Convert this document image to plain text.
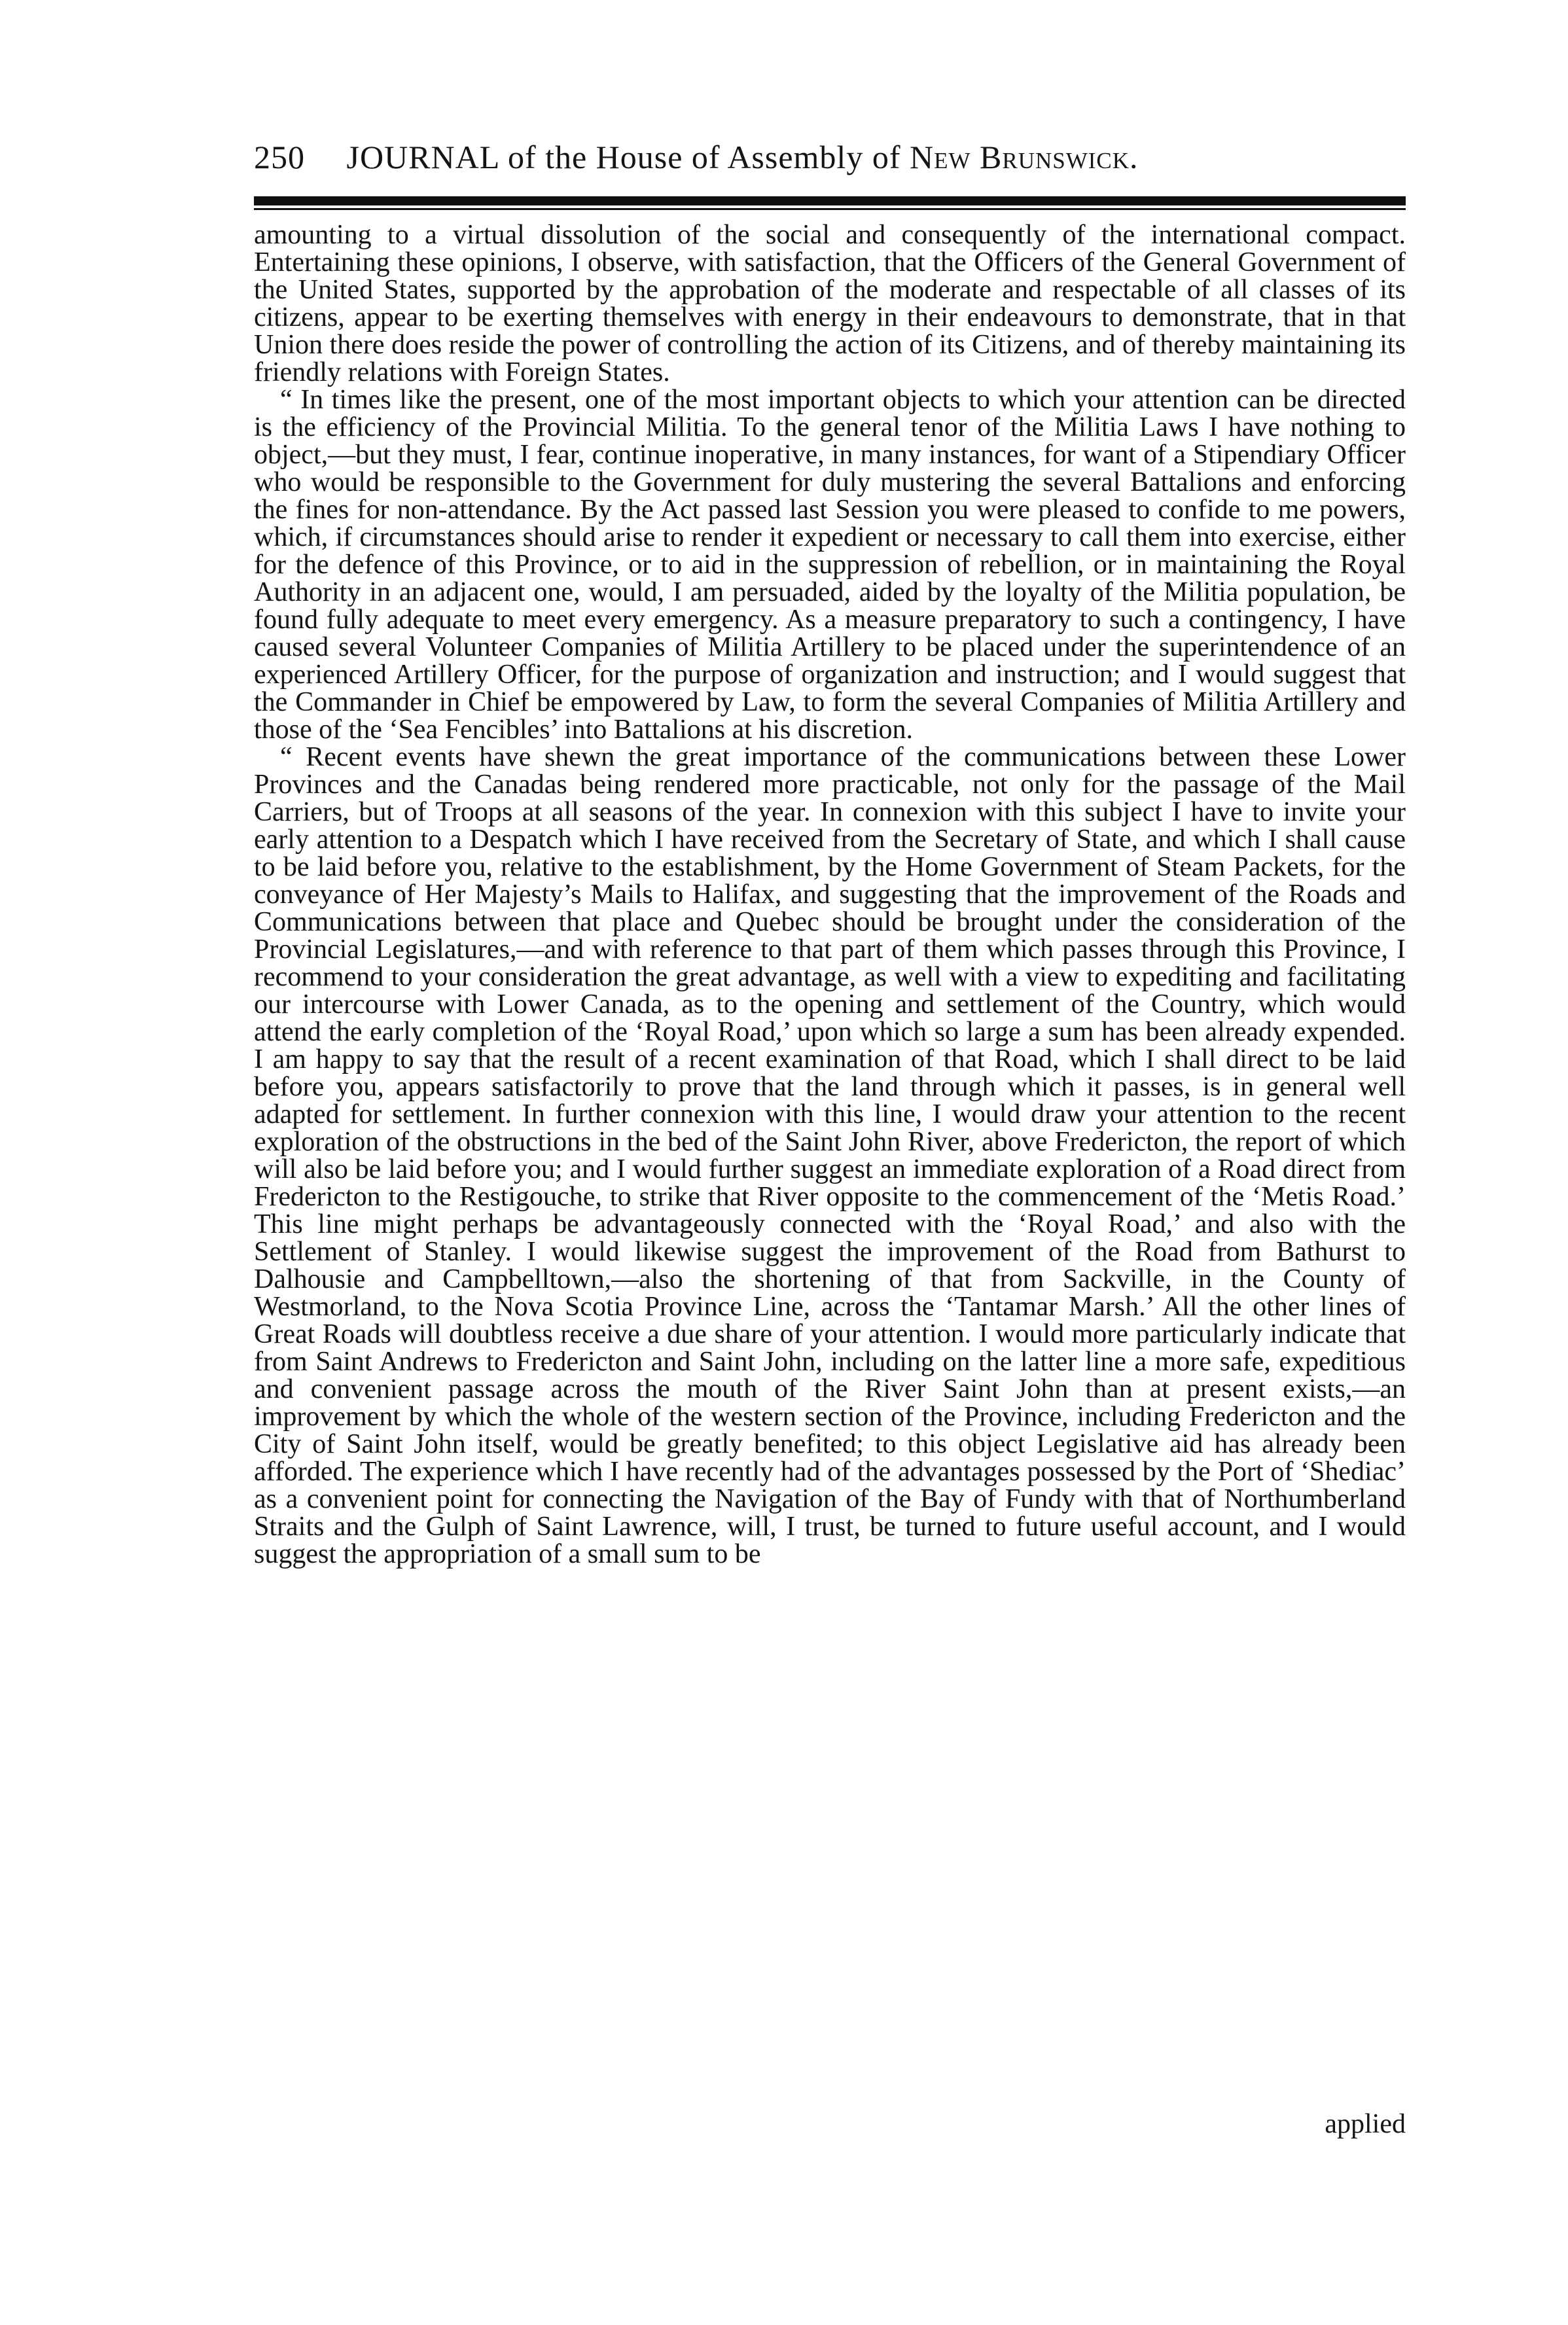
250 JOURNAL of the House of Assembly of New Brunswick.

amounting to a virtual dissolution of the social and consequently of the international compact. Entertaining these opinions, I observe, with satisfaction, that the Officers of the General Government of the United States, supported by the approbation of the moderate and respectable of all classes of its citizens, appear to be exerting themselves with energy in their endeavours to demonstrate, that in that Union there does reside the power of controlling the action of its Citizens, and of thereby maintaining its friendly relations with Foreign States.

“ In times like the present, one of the most important objects to which your attention can be directed is the efficiency of the Provincial Militia. To the general tenor of the Militia Laws I have nothing to object,—but they must, I fear, continue inoperative, in many instances, for want of a Stipendiary Officer who would be responsible to the Government for duly mustering the several Battalions and enforcing the fines for non-attendance. By the Act passed last Session you were pleased to confide to me powers, which, if circumstances should arise to render it expedient or necessary to call them into exercise, either for the defence of this Province, or to aid in the suppression of rebellion, or in maintaining the Royal Authority in an adjacent one, would, I am persuaded, aided by the loyalty of the Militia population, be found fully adequate to meet every emergency. As a measure preparatory to such a contingency, I have caused several Volunteer Companies of Militia Artillery to be placed under the superintendence of an experienced Artillery Officer, for the purpose of organization and instruction; and I would suggest that the Commander in Chief be empowered by Law, to form the several Companies of Militia Artillery and those of the ‘Sea Fencibles’ into Battalions at his discretion.

“ Recent events have shewn the great importance of the communications between these Lower Provinces and the Canadas being rendered more practicable, not only for the passage of the Mail Carriers, but of Troops at all seasons of the year. In connexion with this subject I have to invite your early attention to a Despatch which I have received from the Secretary of State, and which I shall cause to be laid before you, relative to the establishment, by the Home Government of Steam Packets, for the conveyance of Her Majesty’s Mails to Halifax, and suggesting that the improvement of the Roads and Communications between that place and Quebec should be brought under the consideration of the Provincial Legislatures,—and with reference to that part of them which passes through this Province, I recommend to your consideration the great advantage, as well with a view to expediting and facilitating our intercourse with Lower Canada, as to the opening and settlement of the Country, which would attend the early completion of the ‘Royal Road,’ upon which so large a sum has been already expended. I am happy to say that the result of a recent examination of that Road, which I shall direct to be laid before you, appears satisfactorily to prove that the land through which it passes, is in general well adapted for settlement. In further connexion with this line, I would draw your attention to the recent exploration of the obstructions in the bed of the Saint John River, above Fredericton, the report of which will also be laid before you; and I would further suggest an immediate exploration of a Road direct from Fredericton to the Restigouche, to strike that River opposite to the commencement of the ‘Metis Road.’ This line might perhaps be advantageously connected with the ‘Royal Road,’ and also with the Settlement of Stanley. I would likewise suggest the improvement of the Road from Bathurst to Dalhousie and Campbelltown,—also the shortening of that from Sackville, in the County of Westmorland, to the Nova Scotia Province Line, across the ‘Tantamar Marsh.’ All the other lines of Great Roads will doubtless receive a due share of your attention. I would more particularly indicate that from Saint Andrews to Fredericton and Saint John, including on the latter line a more safe, expeditious and convenient passage across the mouth of the River Saint John than at present exists,—an improvement by which the whole of the western section of the Province, including Fredericton and the City of Saint John itself, would be greatly benefited; to this object Legislative aid has already been afforded. The experience which I have recently had of the advantages possessed by the Port of ‘Shediac’ as a convenient point for connecting the Navigation of the Bay of Fundy with that of Northumberland Straits and the Gulph of Saint Lawrence, will, I trust, be turned to future useful account, and I would suggest the appropriation of a small sum to be

applied
